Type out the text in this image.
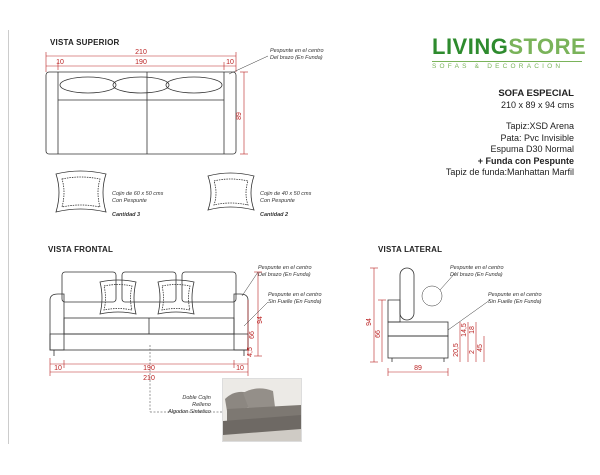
VISTA SUPERIOR
VISTA FRONTAL	VISTA LATERAL
LIVINGSTORE
SOFAS & DECORACION
SOFA ESPECIAL
210 x 89 x 94 cms
Tapiz:XSD Arena
Pata: Pvc Invisible
Espuma D30 Normal
+ Funda con Pespunte
Tapiz de funda:Manhattan Marfil
Pespunte en el centro
Del brazo (En Funda)

Cojin de 60 x 50 cms
Con Pespunte

Cantidad 3

Cojin de 40 x 50 cms
Con Pespunte

Cantidad 2

Pespunte en el centro
Del brazo (En Funda)
Pespunte en el centro
Sin Fuelle (En Funda)
Pespunte en el centro
Del brazo (En Funda)
Pespunte en el centro
Sin Fuelle (En Funda)
Doble Cojin
Relleno
Algodon Sintetico
210
10	190	10
89
94
66
4,5
10	190	10
210
94
66
20,5
14,5 18
2
45
89
